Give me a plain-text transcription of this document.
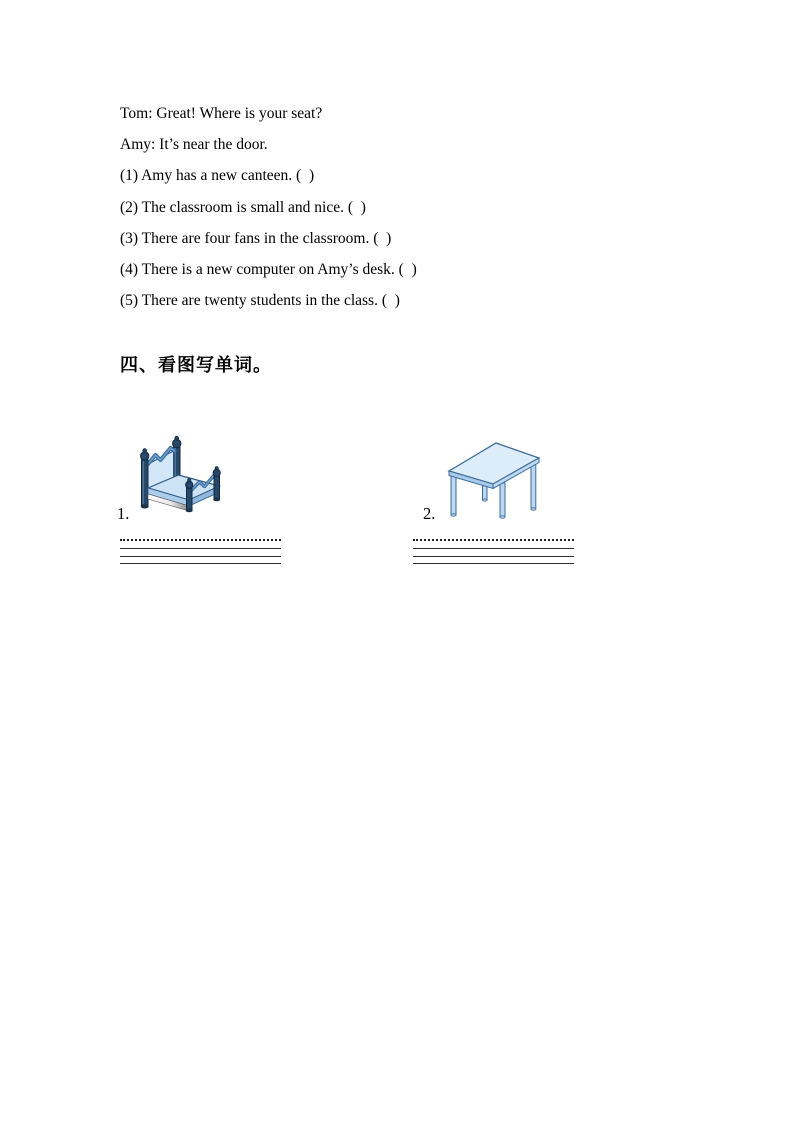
Tom: Great! Where is your seat?

Amy: It’s near the door.

(1) Amy has a new canteen. (  )

(2) The classroom is small and nice. (  )

(3) There are four fans in the classroom. (  )

(4) There is a new computer on Amy’s desk. (  )

(5) There are twenty students in the class. (  )

四、看图写单词。

1.	2.
